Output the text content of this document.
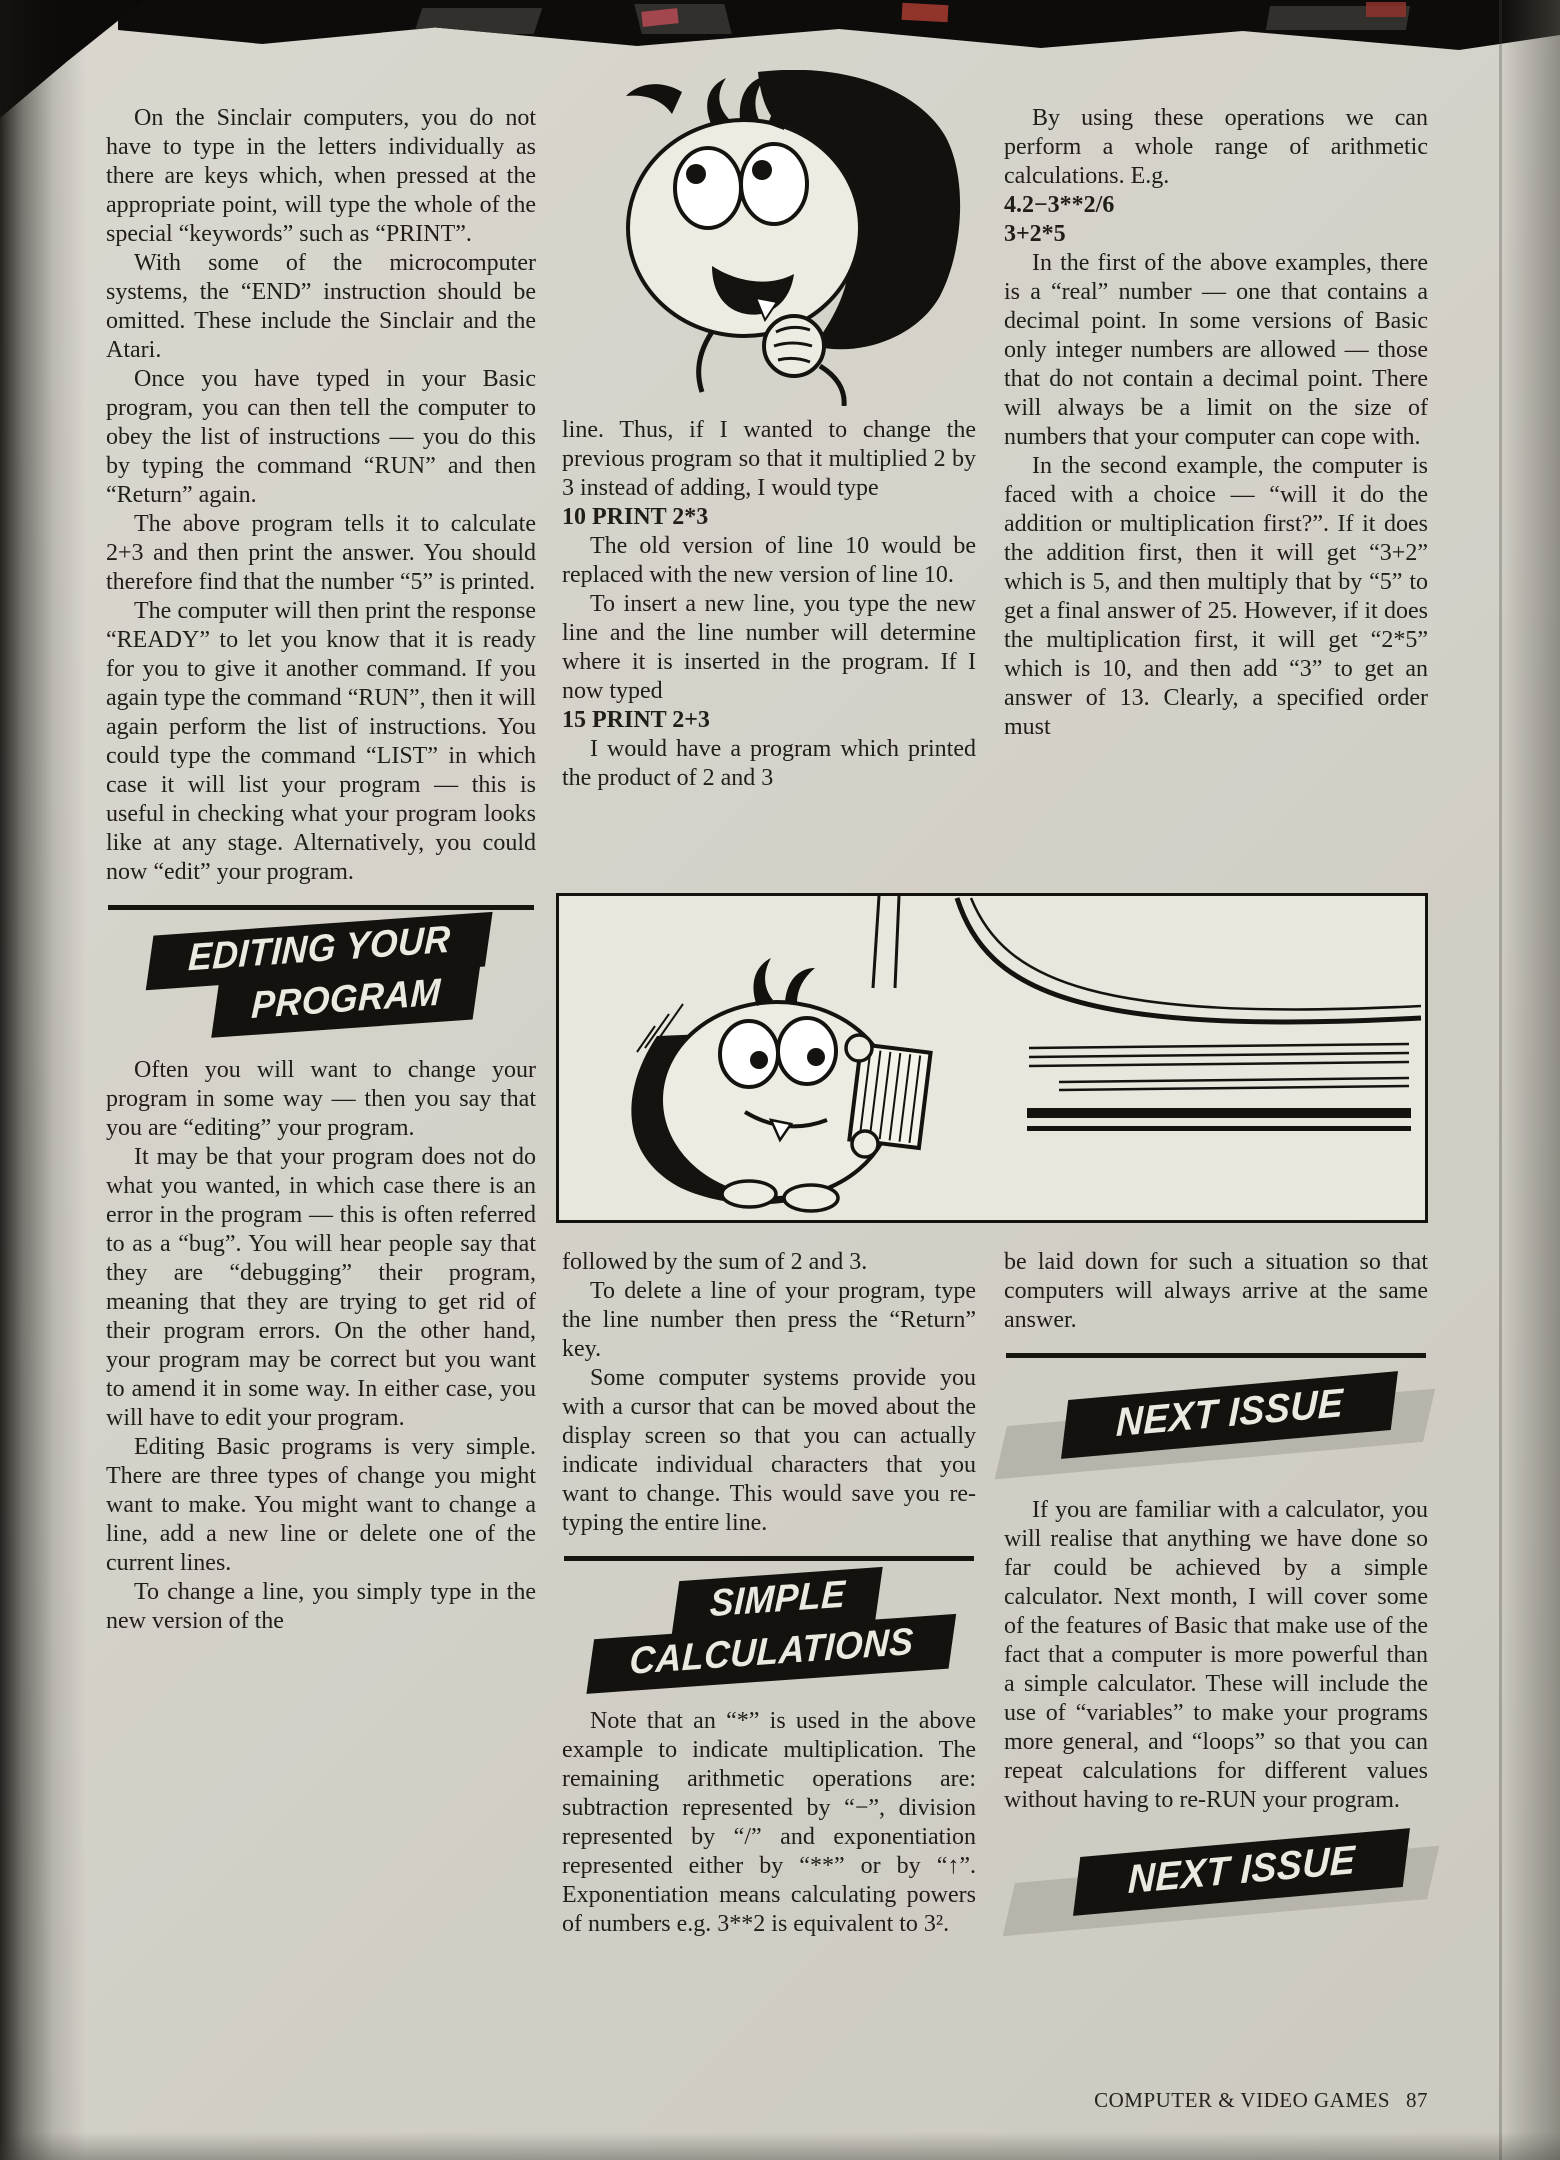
On the Sinclair computers, you do not have to type in the letters individually as there are keys which, when pressed at the appropriate point, will type the whole of the special “keywords” such as “PRINT”.

With some of the microcomputer systems, the “END” instruction should be omitted. These include the Sinclair and the Atari.

Once you have typed in your Basic program, you can then tell the computer to obey the list of instructions — you do this by typing the command “RUN” and then “Return” again.

The above program tells it to calculate 2+3 and then print the answer. You should therefore find that the number “5” is printed.

The computer will then print the response “READY” to let you know that it is ready for you to give it another command. If you again type the command “RUN”, then it will again perform the list of instructions. You could type the command “LIST” in which case it will list your program — this is useful in checking what your program looks like at any stage. Alternatively, you could now “edit” your program.

EDITING YOUR
PROGRAM

Often you will want to change your program in some way — then you say that you are “editing” your program.

It may be that your program does not do what you wanted, in which case there is an error in the program — this is often referred to as a “bug”. You will hear people say that they are “debugging” their program, meaning that they are trying to get rid of their program errors. On the other hand, your program may be correct but you want to amend it in some way. In either case, you will have to edit your program.

Editing Basic programs is very simple. There are three types of change you might want to make. You might want to change a line, add a new line or delete one of the current lines.

To change a line, you simply type in the new version of the

line. Thus, if I wanted to change the previous program so that it multiplied 2 by 3 instead of adding, I would type

10 PRINT 2*3

The old version of line 10 would be replaced with the new version of line 10.

To insert a new line, you type the new line and the line number will determine where it is inserted in the program. If I now typed

15 PRINT 2+3

I would have a program which printed the product of 2 and 3

By using these operations we can perform a whole range of arithmetic calculations. E.g.

4.2−3**2/6

3+2*5

In the first of the above examples, there is a “real” number — one that contains a decimal point. In some versions of Basic only integer numbers are allowed — those that do not contain a decimal point. There will always be a limit on the size of numbers that your computer can cope with.

In the second example, the computer is faced with a choice — “will it do the addition or multiplication first?”. If it does the addition first, then it will get “3+2” which is 5, and then multiply that by “5” to get a final answer of 25. However, if it does the multiplication first, it will get “2*5” which is 10, and then add “3” to get an answer of 13. Clearly, a specified order must

followed by the sum of 2 and 3.

To delete a line of your program, type the line number then press the “Return” key.

Some computer systems provide you with a cursor that can be moved about the display screen so that you can actually indicate individual characters that you want to change. This would save you re-typing the entire line.

SIMPLE
CALCULATIONS

Note that an “*” is used in the above example to indicate multiplication. The remaining arithmetic operations are: subtraction represented by “−”, division represented by “/” and exponentiation represented either by “**” or by “↑”. Exponentiation means calculating powers of numbers e.g. 3**2 is equivalent to 3².

be laid down for such a situation so that computers will always arrive at the same answer.

NEXT ISSUE

If you are familiar with a calculator, you will realise that anything we have done so far could be achieved by a simple calculator. Next month, I will cover some of the features of Basic that make use of the fact that a computer is more powerful than a simple calculator. These will include the use of “variables” to make your programs more general, and “loops” so that you can repeat calculations for different values without having to re-RUN your program.

NEXT ISSUE
COMPUTER & VIDEO GAMES 87
